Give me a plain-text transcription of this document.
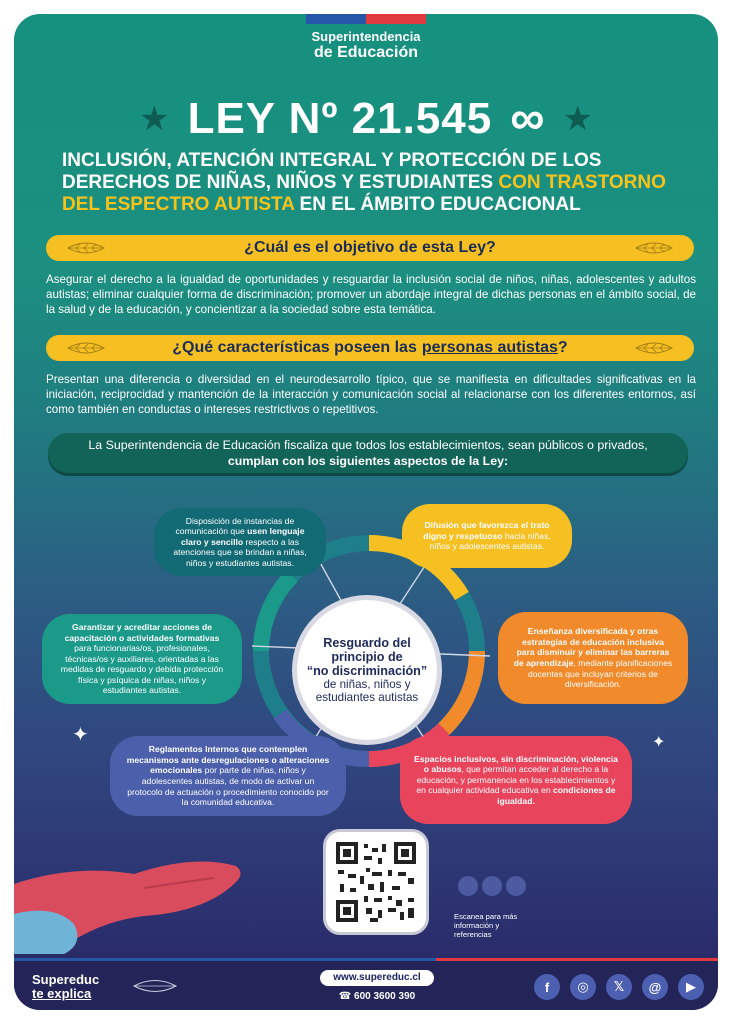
Superintendencia
de Educación
★ LEY Nº 21.545 ∞ ★
INCLUSIÓN, ATENCIÓN INTEGRAL Y PROTECCIÓN DE LOS DERECHOS DE NIÑAS, NIÑOS Y ESTUDIANTES CON TRASTORNO DEL ESPECTRO AUTISTA EN EL ÁMBITO EDUCACIONAL
¿Cuál es el objetivo de esta Ley?
Asegurar el derecho a la igualdad de oportunidades y resguardar la inclusión social de niños, niñas, adolescentes y adultos autistas; eliminar cualquier forma de discriminación; promover un abordaje integral de dichas personas en el ámbito social, de la salud y de la educación, y concientizar a la sociedad sobre esta temática.
¿Qué características poseen las personas autistas ?
Presentan una diferencia o diversidad en el neurodesarrollo típico, que se manifiesta en dificultades significativas en la iniciación, reciprocidad y mantención de la interacción y comunicación social al relacionarse con los diferentes entornos, así como también en conductas o intereses restrictivos o repetitivos.
La Superintendencia de Educación fiscaliza que todos los establecimientos, sean públicos o privados, cumplan con los siguientes aspectos de la Ley:
Resguardo del
principio de
“no discriminación”
de niñas, niños y estudiantes autistas
Disposición de instancias de comunicación que usen lenguaje claro y sencillo respecto a las atenciones que se brindan a niñas, niños y estudiantes autistas.
Difusión que favorezca el trato digno y respetuoso hacia niñas, niños y adolescentes autistas.
Garantizar y acreditar acciones de capacitación o actividades formativas para funcionarias/os, profesionales, técnicas/os y auxiliares, orientadas a las medidas de resguardo y debida protección física y psíquica de niñas, niños y estudiantes autistas.
Enseñanza diversificada y otras estrategias de educación inclusiva para disminuir y eliminar las barreras de aprendizaje, mediante planificaciones docentes que incluyan criterios de diversificación.
Reglamentos Internos que contemplen mecanismos ante desregulaciones o alteraciones emocionales por parte de niñas, niños y adolescentes autistas, de modo de activar un protocolo de actuación o procedimiento conocido por la comunidad educativa.
Espacios inclusivos, sin discriminación, violencia o abusos, que permitan acceder al derecho a la educación, y permanencia en los establecimientos y en cualquier actividad educativa en condiciones de igualdad.
✦	✦
Escanea para más información y referencias
Supereduc
te explica
www.supereduc.cl
☎ 600 3600 390
f	◎	𝕏	@	▶
